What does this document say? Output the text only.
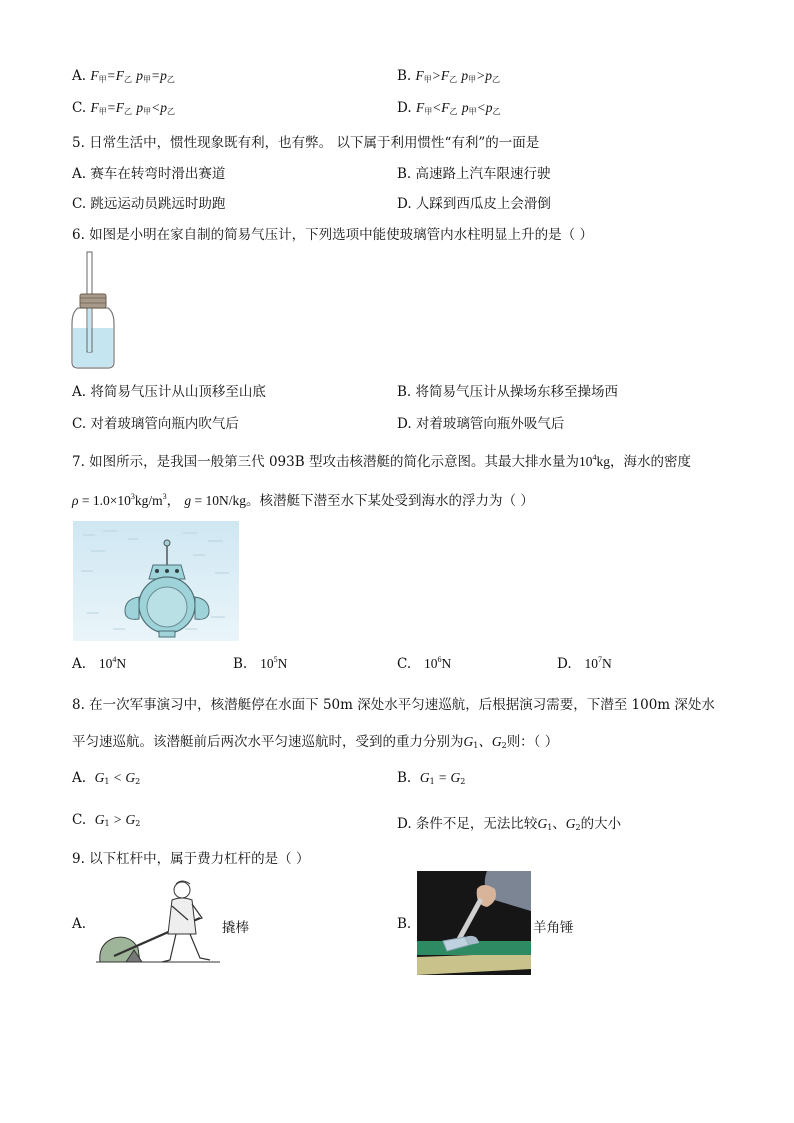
A. $F_甲=F_乙$ $p_甲=p_乙$	B. $F_甲>F_乙$ $p_甲>p_乙$
C. $F_甲=F_乙$ $p_甲<p_乙$	D. $F_甲<F_乙$ $p_甲<p_乙$
5. 日常生活中，惯性现象既有利，也有弊。 以下属于利用惯性“有利”的一面是
A. 赛车在转弯时滑出赛道	B. 高速路上汽车限速行驶
C. 跳远运动员跳远时助跑	D. 人踩到西瓜皮上会滑倒
6. 如图是小明在家自制的简易气压计，下列选项中能使玻璃管内水柱明显上升的是（ ）
A. 将简易气压计从山顶移至山底	B. 将简易气压计从操场东移至操场西
C. 对着玻璃管向瓶内吹气后	D. 对着玻璃管向瓶外吸气后
7. 如图所示，是我国一般第三代 093B 型攻击核潜艇的简化示意图。其最大排水量为$10^4kg$，海水的密度
$\rho = 1.0\times 10^3kg/m^3$， g = 10N/kg。核潜艇下潜至水下某处受到海水的浮力为（ ）
A. $10^4N$	B. $10^5N$	C. $10^6N$	D. $10^7N$
8. 在一次军事演习中，核潜艇停在水面下 50m 深处水平匀速巡航，后根据演习需要，下潜至 100m 深处水
平匀速巡航。该潜艇前后两次水平匀速巡航时，受到的重力分别为$G_1$、$G_2$则：（ ）
A. $G_1 < G_2$	B. $G_1 = G_2$
C. $G_1 > G_2$	D. 条件不足，无法比较$G_1$、$G_2$的大小
9. 以下杠杆中，属于费力杠杆的是（ ）
A.	撬棒	B.	羊角锤
